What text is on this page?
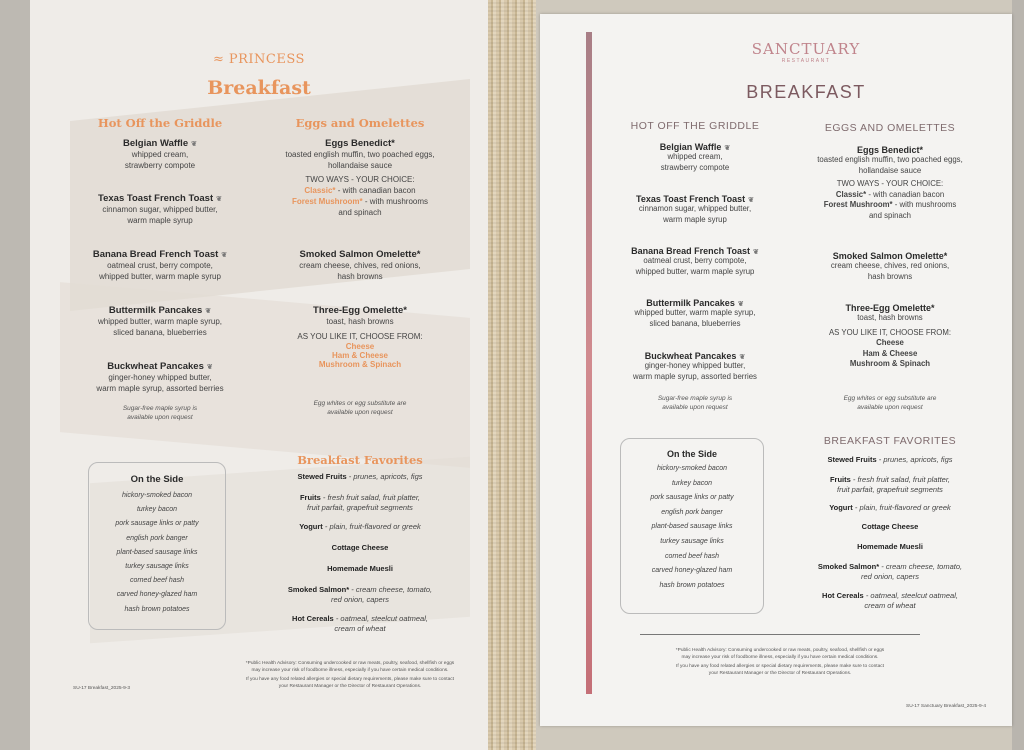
≈ PRINCESS
Breakfast
Hot Off the Griddle	Eggs and Omelettes
Belgian Waffle ❦
whipped cream,
strawberry compote
Texas Toast French Toast ❦
cinnamon sugar, whipped butter,
warm maple syrup
Banana Bread French Toast ❦
oatmeal crust, berry compote,
whipped butter, warm maple syrup
Buttermilk Pancakes ❦
whipped butter, warm maple syrup,
sliced banana, blueberries
Buckwheat Pancakes ❦
ginger-honey whipped butter,
warm maple syrup, assorted berries
Sugar-free maple syrup is
available upon request
Eggs Benedict*
toasted english muffin, two poached eggs,
hollandaise sauce
TWO WAYS - YOUR CHOICE:
Classic* - with canadian bacon
Forest Mushroom* - with mushrooms
and spinach
Smoked Salmon Omelette*
cream cheese, chives, red onions,
hash browns
Three-Egg Omelette*
toast, hash browns
AS YOU LIKE IT, CHOOSE FROM:
Cheese
Ham & Cheese
Mushroom & Spinach
Egg whites or egg substitute are
available upon request
On the Side
hickory-smoked bacon
turkey bacon
pork sausage links or patty
english pork banger
plant-based sausage links
turkey sausage links
corned beef hash
carved honey-glazed ham
hash brown potatoes
Breakfast Favorites
Stewed Fruits - prunes, apricots, figs
Fruits - fresh fruit salad, fruit platter,
fruit parfait, grapefruit segments
Yogurt - plain, fruit-flavored or greek
Cottage Cheese
Homemade Muesli
Smoked Salmon* - cream cheese, tomato,
red onion, capers
Hot Cereals - oatmeal, steelcut oatmeal,
cream of wheat
*Public Health Advisory: Consuming undercooked or raw meats, poultry, seafood, shellfish or eggs
may increase your risk of foodborne illness, especially if you have certain medical conditions.
If you have any food related allergies or special dietary requirements, please make sure to contact
your Restaurant Manager or the Director of Restaurant Operations.
SU-17 Breakfast_2025-9-3
SANCTUARY
RESTAURANT
BREAKFAST
HOT OFF THE GRIDDLE	EGGS AND OMELETTES
Belgian Waffle ❦
whipped cream,
strawberry compote
Texas Toast French Toast ❦
cinnamon sugar, whipped butter,
warm maple syrup
Banana Bread French Toast ❦
oatmeal crust, berry compote,
whipped butter, warm maple syrup
Buttermilk Pancakes ❦
whipped butter, warm maple syrup,
sliced banana, blueberries
Buckwheat Pancakes ❦
ginger-honey whipped butter,
warm maple syrup, assorted berries
Sugar-free maple syrup is
available upon request
Eggs Benedict*
toasted english muffin, two poached eggs,
hollandaise sauce
TWO WAYS - YOUR CHOICE:
Classic* - with canadian bacon
Forest Mushroom* - with mushrooms
and spinach
Smoked Salmon Omelette*
cream cheese, chives, red onions,
hash browns
Three-Egg Omelette*
toast, hash browns
AS YOU LIKE IT, CHOOSE FROM:
Cheese
Ham & Cheese
Mushroom & Spinach
Egg whites or egg substitute are
available upon request
On the Side
hickory-smoked bacon
turkey bacon
pork sausage links or patty
english pork banger
plant-based sausage links
turkey sausage links
corned beef hash
carved honey-glazed ham
hash brown potatoes
BREAKFAST FAVORITES
Stewed Fruits - prunes, apricots, figs
Fruits - fresh fruit salad, fruit platter,
fruit parfait, grapefruit segments
Yogurt - plain, fruit-flavored or greek
Cottage Cheese
Homemade Muesli
Smoked Salmon* - cream cheese, tomato,
red onion, capers
Hot Cereals - oatmeal, steelcut oatmeal,
cream of wheat
*Public Health Advisory: Consuming undercooked or raw meats, poultry, seafood, shellfish or eggs
may increase your risk of foodborne illness, especially if you have certain medical conditions.
If you have any food related allergies or special dietary requirements, please make sure to contact
your Restaurant Manager or the Director of Restaurant Operations.
SU-17 Sanctuary Breakfast_2025-9-4
